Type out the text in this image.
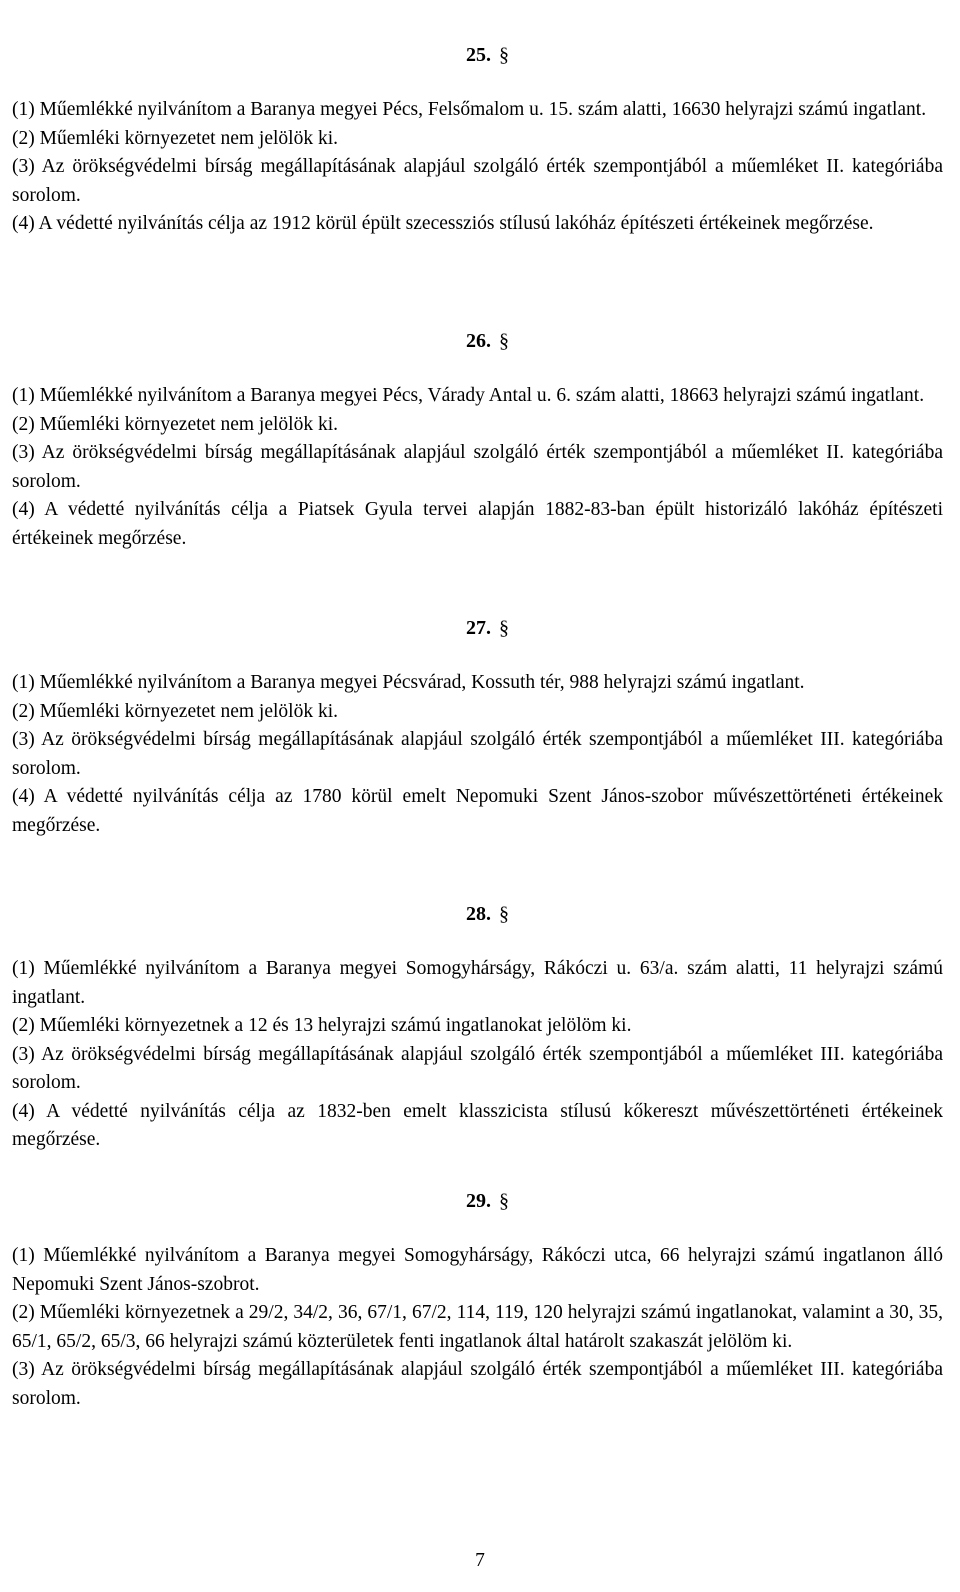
25. §
(1) Műemlékké nyilvánítom a Baranya megyei Pécs, Felsőmalom u. 15. szám alatti, 16630 helyrajzi számú ingatlant.
(2) Műemléki környezetet nem jelölök ki.
(3) Az örökségvédelmi bírság megállapításának alapjául szolgáló érték szempontjából a műemléket II. kategóriába sorolom.
(4) A védetté nyilvánítás célja az 1912 körül épült szecessziós stílusú lakóház építészeti értékeinek megőrzése.
26. §
(1) Műemlékké nyilvánítom a Baranya megyei Pécs, Várady Antal u. 6. szám alatti, 18663 helyrajzi számú ingatlant.
(2) Műemléki környezetet nem jelölök ki.
(3) Az örökségvédelmi bírság megállapításának alapjául szolgáló érték szempontjából a műemléket II. kategóriába sorolom.
(4) A védetté nyilvánítás célja a Piatsek Gyula tervei alapján 1882-83-ban épült historizáló lakóház építészeti értékeinek megőrzése.
27. §
(1) Műemlékké nyilvánítom a Baranya megyei Pécsvárad, Kossuth tér, 988 helyrajzi számú ingatlant.
(2) Műemléki környezetet nem jelölök ki.
(3) Az örökségvédelmi bírság megállapításának alapjául szolgáló érték szempontjából a műemléket III. kategóriába sorolom.
(4) A védetté nyilvánítás célja az 1780 körül emelt Nepomuki Szent János-szobor művészettörténeti értékeinek megőrzése.
28. §
(1) Műemlékké nyilvánítom a Baranya megyei Somogyhárságy, Rákóczi u. 63/a. szám alatti, 11 helyrajzi számú ingatlant.
(2) Műemléki környezetnek a 12 és 13 helyrajzi számú ingatlanokat jelölöm ki.
(3) Az örökségvédelmi bírság megállapításának alapjául szolgáló érték szempontjából a műemléket III. kategóriába sorolom.
(4) A védetté nyilvánítás célja az 1832-ben emelt klasszicista stílusú kőkereszt művészettörténeti értékeinek megőrzése.
29. §
(1) Műemlékké nyilvánítom a Baranya megyei Somogyhárságy, Rákóczi utca, 66 helyrajzi számú ingatlanon álló Nepomuki Szent János-szobrot.
(2) Műemléki környezetnek a 29/2, 34/2, 36, 67/1, 67/2, 114, 119, 120 helyrajzi számú ingatlanokat, valamint a 30, 35, 65/1, 65/2, 65/3, 66 helyrajzi számú közterületek fenti ingatlanok által határolt szakaszát jelölöm ki.
(3) Az örökségvédelmi bírság megállapításának alapjául szolgáló érték szempontjából a műemléket III. kategóriába sorolom.
7
